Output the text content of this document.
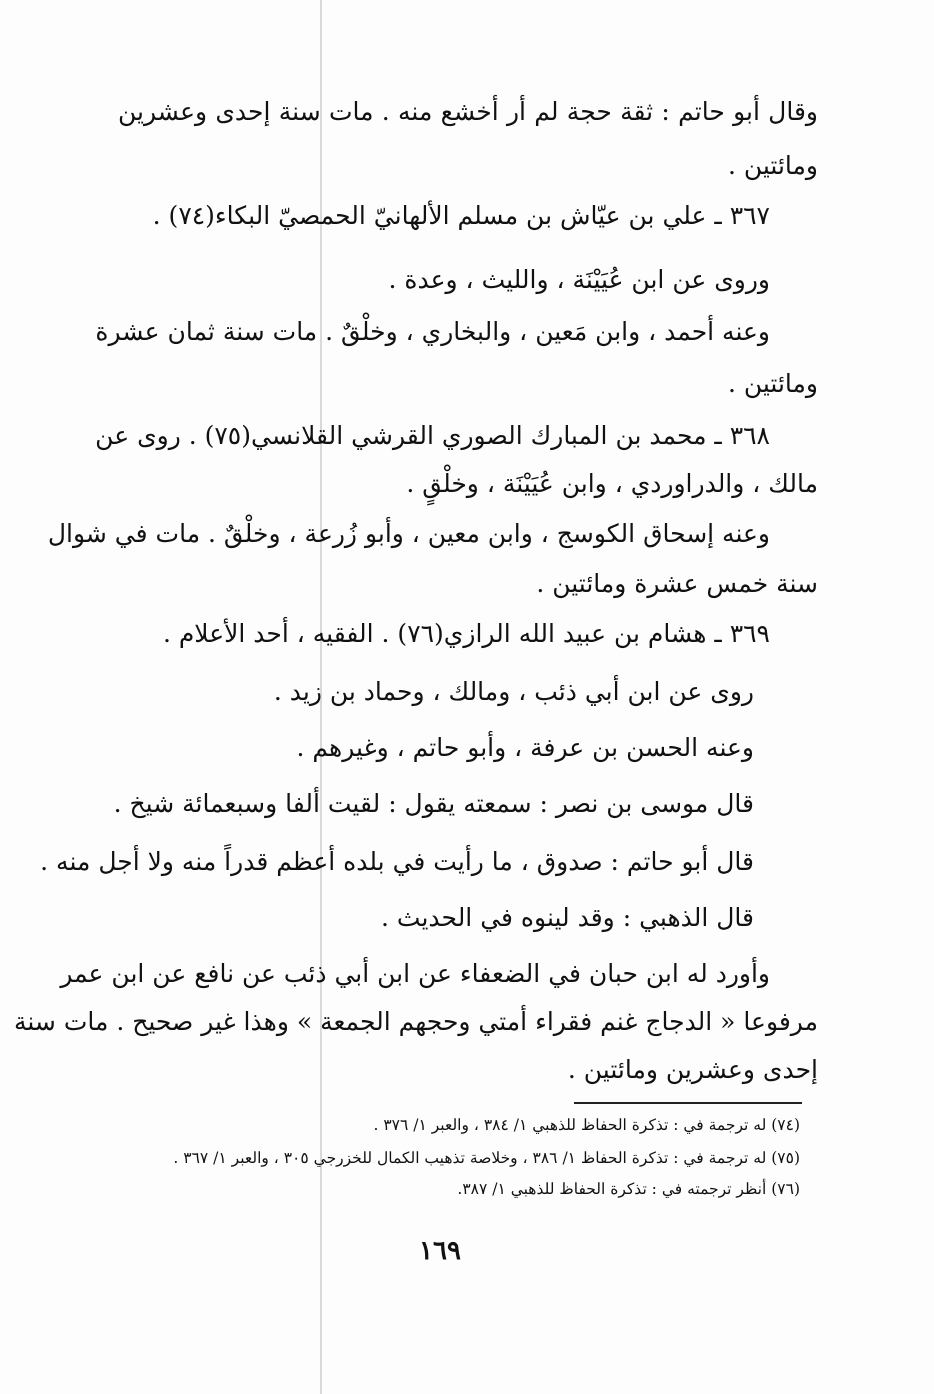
وقال أبو حاتم : ثقة حجة لم أر أخشع منه . مات سنة إحدى وعشرين
ومائتين .
٣٦٧ ـ علي بن عيّاش بن مسلم الألهانيّ الحمصيّ البكاء(٧٤) .
وروى عن ابن عُيَيْنَة ، والليث ، وعدة .
وعنه أحمد ، وابن مَعين ، والبخاري ، وخلْقٌ . مات سنة ثمان عشرة
ومائتين .
٣٦٨ ـ محمد بن المبارك الصوري القرشي القلانسي(٧٥) . روى عن
مالك ، والدراوردي ، وابن عُيَيْنَة ، وخلْقٍ .
وعنه إسحاق الكوسج ، وابن معين ، وأبو زُرعة ، وخلْقٌ . مات في شوال
سنة خمس عشرة ومائتين .
٣٦٩ ـ هشام بن عبيد الله الرازي(٧٦) . الفقيه ، أحد الأعلام .
روى عن ابن أبي ذئب ، ومالك ، وحماد بن زيد .
وعنه الحسن بن عرفة ، وأبو حاتم ، وغيرهم .
قال موسى بن نصر : سمعته يقول : لقيت ألفا وسبعمائة شيخ .
قال أبو حاتم : صدوق ، ما رأيت في بلده أعظم قدراً منه ولا أجل منه .
قال الذهبي : وقد لينوه في الحديث .
وأورد له ابن حبان في الضعفاء عن ابن أبي ذئب عن نافع عن ابن عمر
مرفوعا « الدجاج غنم فقراء أمتي وحجهم الجمعة » وهذا غير صحيح . مات سنة
إحدى وعشرين ومائتين .
(٧٤) له ترجمة في : تذكرة الحفاظ للذهبي ١/ ٣٨٤ ، والعبر ١/ ٣٧٦ .
(٧٥) له ترجمة في : تذكرة الحفاظ ١/ ٣٨٦ ، وخلاصة تذهيب الكمال للخزرجي ٣٠٥ ، والعبر ١/ ٣٦٧ .
(٧٦) أنظر ترجمته في : تذكرة الحفاظ للذهبي ١/ ٣٨٧.
١٦٩
